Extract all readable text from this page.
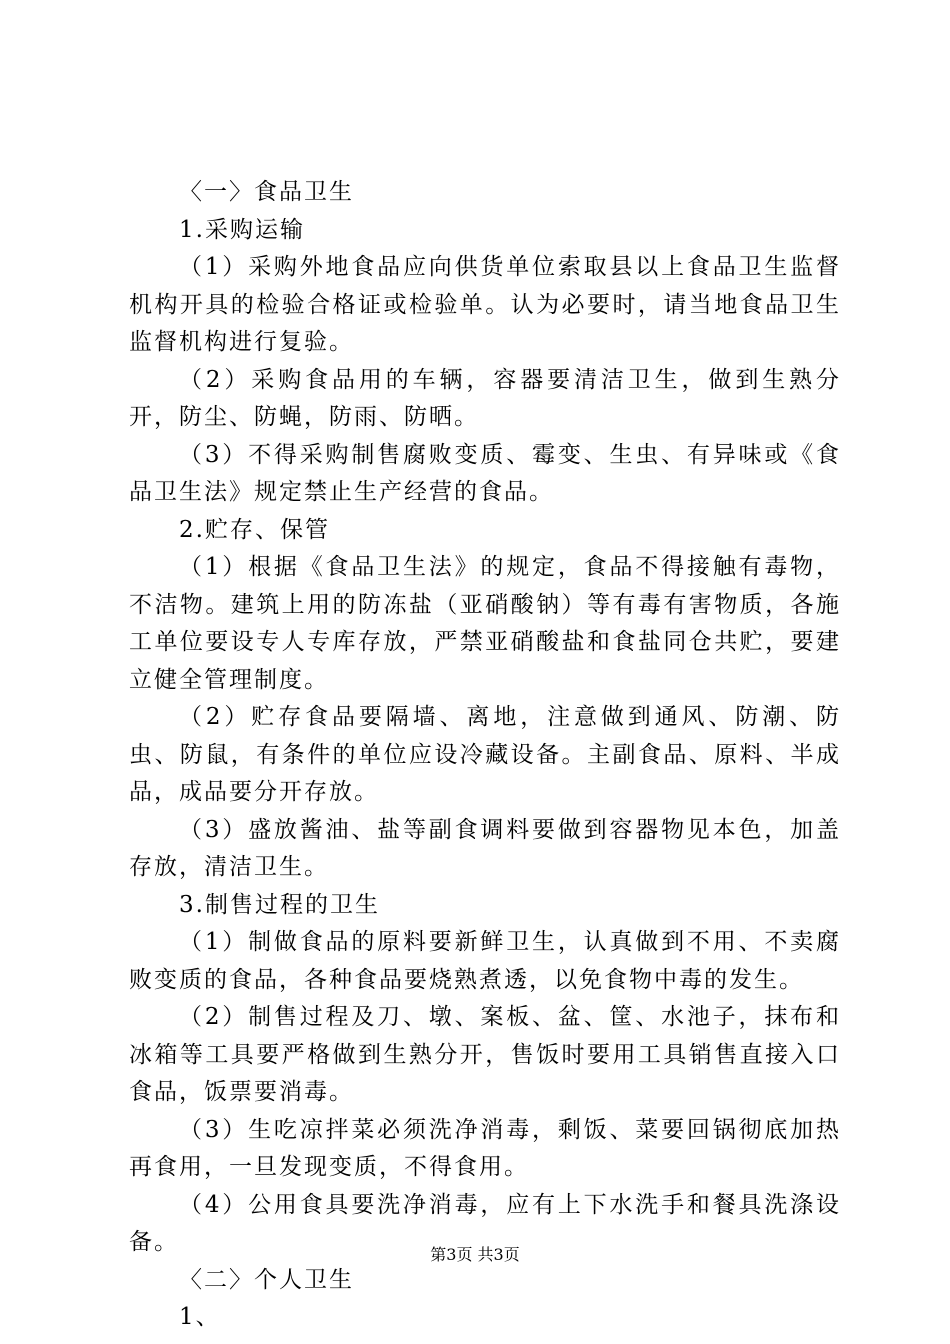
〈一〉食品卫生

1.采购运输

（1）采购外地食品应向供货单位索取县以上食品卫生监督机构开具的检验合格证或检验单。认为必要时，请当地食品卫生监督机构进行复验。

（2）采购食品用的车辆，容器要清洁卫生，做到生熟分开，防尘、防蝇，防雨、防晒。

（3）不得采购制售腐败变质、霉变、生虫、有异味或《食品卫生法》规定禁止生产经营的食品。

2.贮存、保管

（1）根据《食品卫生法》的规定，食品不得接触有毒物，不洁物。建筑上用的防冻盐（亚硝酸钠）等有毒有害物质，各施工单位要设专人专库存放，严禁亚硝酸盐和食盐同仓共贮，要建立健全管理制度。

（2）贮存食品要隔墙、离地，注意做到通风、防潮、防虫、防鼠，有条件的单位应设冷藏设备。主副食品、原料、半成品，成品要分开存放。

（3）盛放酱油、盐等副食调料要做到容器物见本色，加盖存放，清洁卫生。

3.制售过程的卫生

（1）制做食品的原料要新鲜卫生，认真做到不用、不卖腐败变质的食品，各种食品要烧熟煮透，以免食物中毒的发生。

（2）制售过程及刀、墩、案板、盆、筐、水池子，抹布和冰箱等工具要严格做到生熟分开，售饭时要用工具销售直接入口食品，饭票要消毒。

（3）生吃凉拌菜必须洗净消毒，剩饭、菜要回锅彻底加热再食用，一旦发现变质，不得食用。

（4）公用食具要洗净消毒，应有上下水洗手和餐具洗涤设备。

〈二〉个人卫生

1、

第3页 共3页
